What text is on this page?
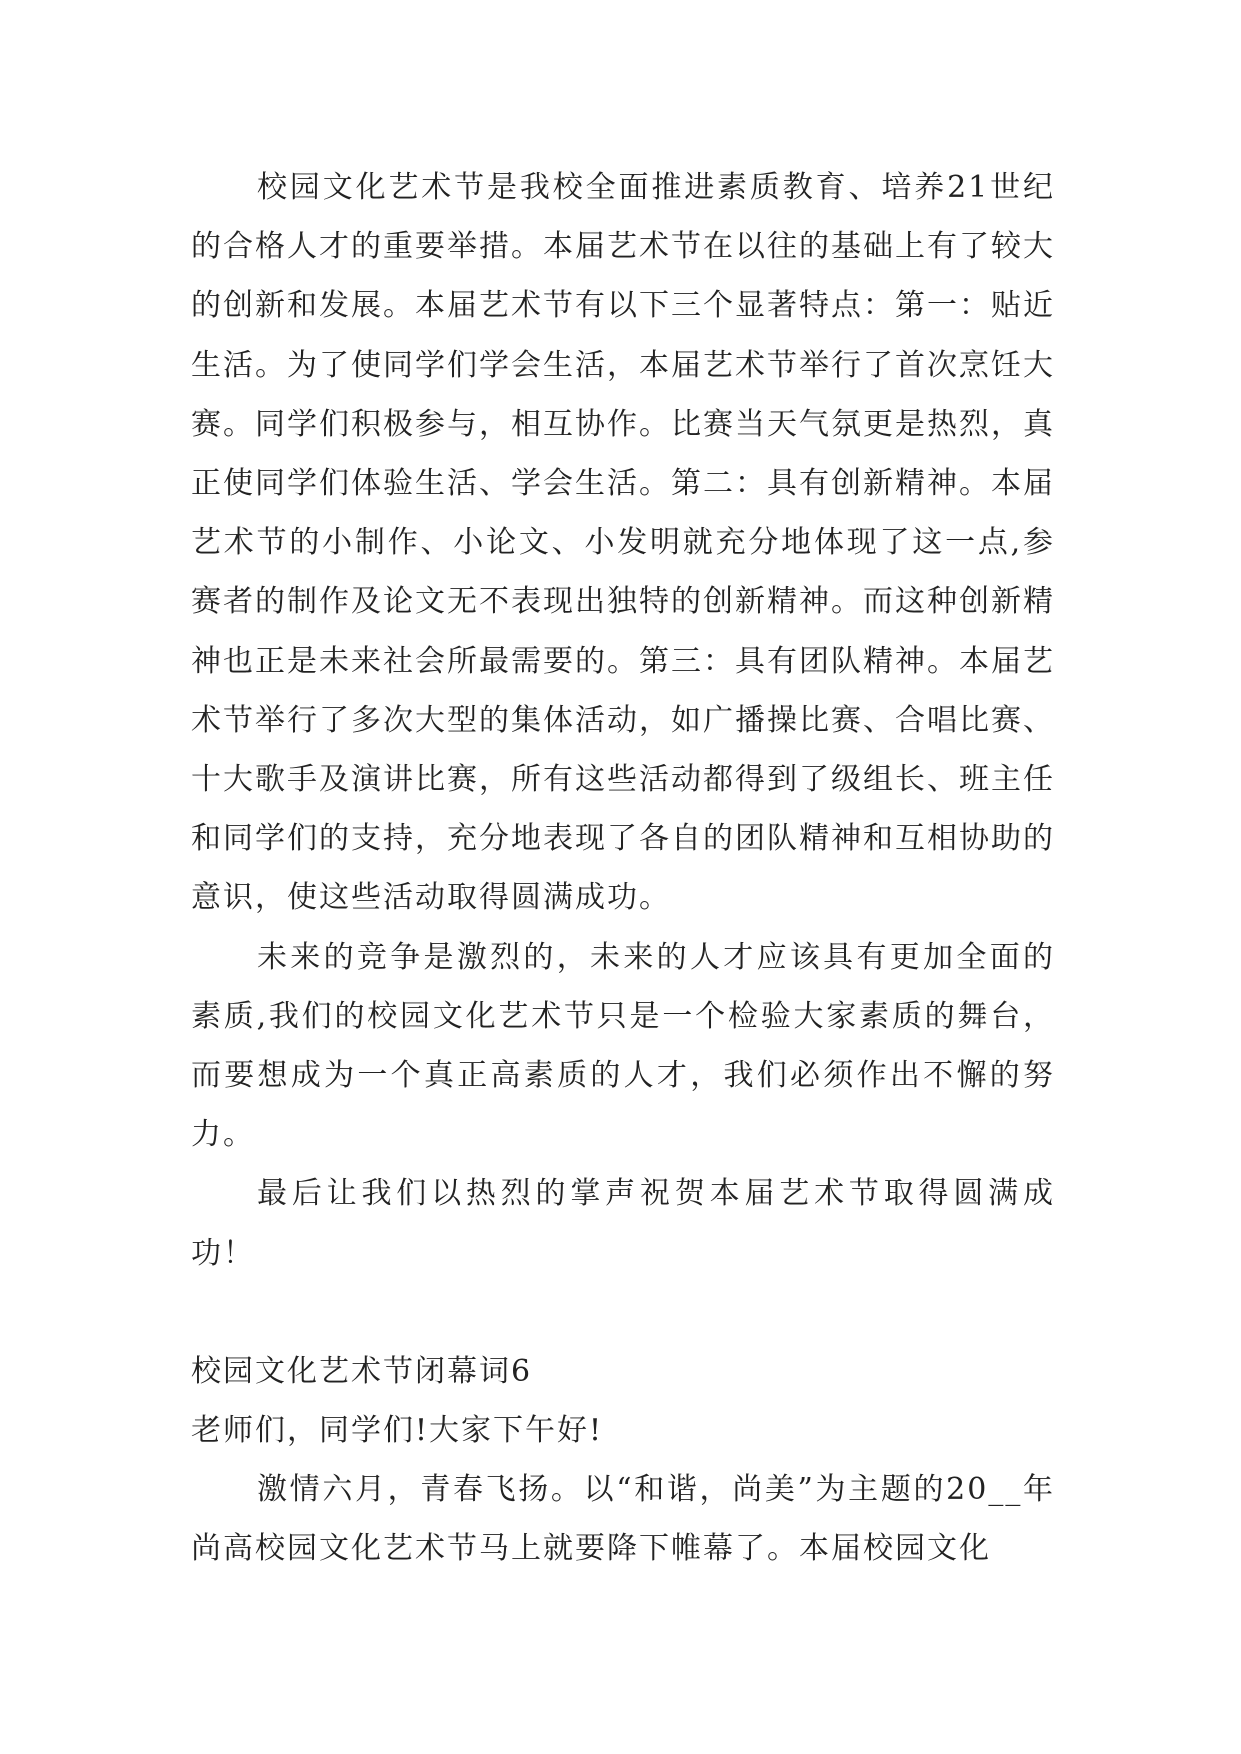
校园文化艺术节是我校全面推进素质教育、培养21世纪的合格人才的重要举措。本届艺术节在以往的基础上有了较大的创新和发展。本届艺术节有以下三个显著特点：第一：贴近生活。为了使同学们学会生活，本届艺术节举行了首次烹饪大赛。同学们积极参与，相互协作。比赛当天气氛更是热烈，真正使同学们体验生活、学会生活。第二：具有创新精神。本届艺术节的小制作、小论文、小发明就充分地体现了这一点,参赛者的制作及论文无不表现出独特的创新精神。而这种创新精神也正是未来社会所最需要的。第三：具有团队精神。本届艺术节举行了多次大型的集体活动，如广播操比赛、合唱比赛、十大歌手及演讲比赛，所有这些活动都得到了级组长、班主任和同学们的支持，充分地表现了各自的团队精神和互相协助的意识，使这些活动取得圆满成功。

未来的竞争是激烈的，未来的人才应该具有更加全面的素质,我们的校园文化艺术节只是一个检验大家素质的舞台，而要想成为一个真正高素质的人才，我们必须作出不懈的努力。

最后让我们以热烈的掌声祝贺本届艺术节取得圆满成功！

校园文化艺术节闭幕词6

老师们，同学们!大家下午好!

激情六月，青春飞扬。以“和谐，尚美”为主题的20__年尚高校园文化艺术节马上就要降下帷幕了。本届校园文化
